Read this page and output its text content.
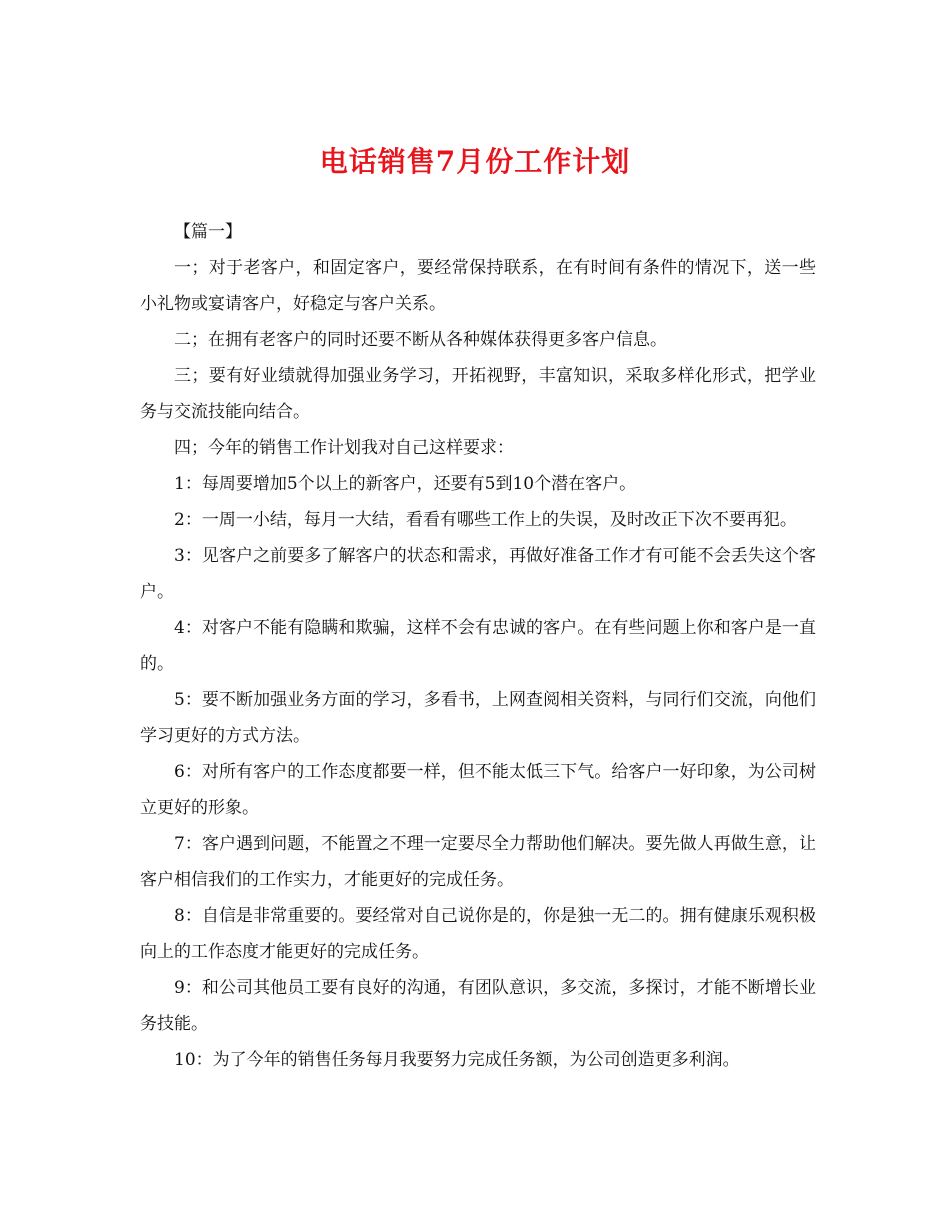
电话销售7月份工作计划

【篇一】

一；对于老客户，和固定客户，要经常保持联系，在有时间有条件的情况下，送一些小礼物或宴请客户，好稳定与客户关系。

二；在拥有老客户的同时还要不断从各种媒体获得更多客户信息。

三；要有好业绩就得加强业务学习，开拓视野，丰富知识，采取多样化形式，把学业务与交流技能向结合。

四；今年的销售工作计划我对自己这样要求：

1：每周要增加5个以上的新客户，还要有5到10个潜在客户。

2：一周一小结，每月一大结，看看有哪些工作上的失误，及时改正下次不要再犯。

3：见客户之前要多了解客户的状态和需求，再做好准备工作才有可能不会丢失这个客户。

4：对客户不能有隐瞒和欺骗，这样不会有忠诚的客户。在有些问题上你和客户是一直的。

5：要不断加强业务方面的学习，多看书，上网查阅相关资料，与同行们交流，向他们学习更好的方式方法。

6：对所有客户的工作态度都要一样，但不能太低三下气。给客户一好印象，为公司树立更好的形象。

7：客户遇到问题，不能置之不理一定要尽全力帮助他们解决。要先做人再做生意，让客户相信我们的工作实力，才能更好的完成任务。

8：自信是非常重要的。要经常对自己说你是的，你是独一无二的。拥有健康乐观积极向上的工作态度才能更好的完成任务。

9：和公司其他员工要有良好的沟通，有团队意识，多交流，多探讨，才能不断增长业务技能。

10：为了今年的销售任务每月我要努力完成任务额，为公司创造更多利润。
